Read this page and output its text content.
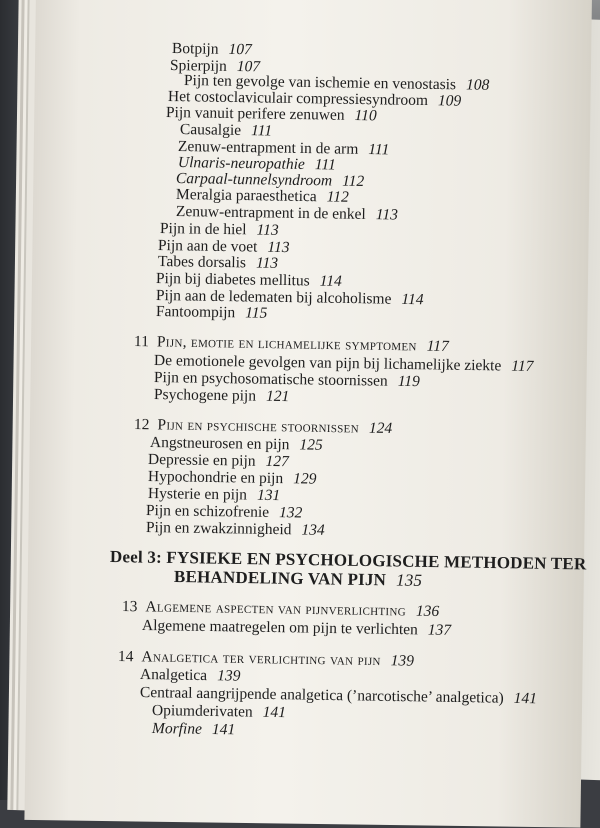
Botpijn 107
Spierpijn 107
Pijn ten gevolge van ischemie en venostasis 108
Het costoclaviculair compressiesyndroom 109
Pijn vanuit perifere zenuwen 110
Causalgie 111
Zenuw-entrapment in de arm 111
Ulnaris-neuropathie 111
Carpaal-tunnelsyndroom 112
Meralgia paraesthetica 112
Zenuw-entrapment in de enkel 113
Pijn in de hiel 113
Pijn aan de voet 113
Tabes dorsalis 113
Pijn bij diabetes mellitus 114
Pijn aan de ledematen bij alcoholisme 114
Fantoompijn 115
11 Pijn, emotie en lichamelijke symptomen 117
De emotionele gevolgen van pijn bij lichamelijke ziekte 117
Pijn en psychosomatische stoornissen 119
Psychogene pijn 121
12 Pijn en psychische stoornissen 124
Angstneurosen en pijn 125
Depressie en pijn 127
Hypochondrie en pijn 129
Hysterie en pijn 131
Pijn en schizofrenie 132
Pijn en zwakzinnigheid 134
Deel 3: FYSIEKE EN PSYCHOLOGISCHE METHODEN TER
BEHANDELING VAN PIJN 135
13 Algemene aspecten van pijnverlichting 136
Algemene maatregelen om pijn te verlichten 137
14 Analgetica ter verlichting van pijn 139
Analgetica 139
Centraal aangrijpende analgetica (’narcotische’ analgetica) 141
Opiumderivaten 141
Morfine 141
